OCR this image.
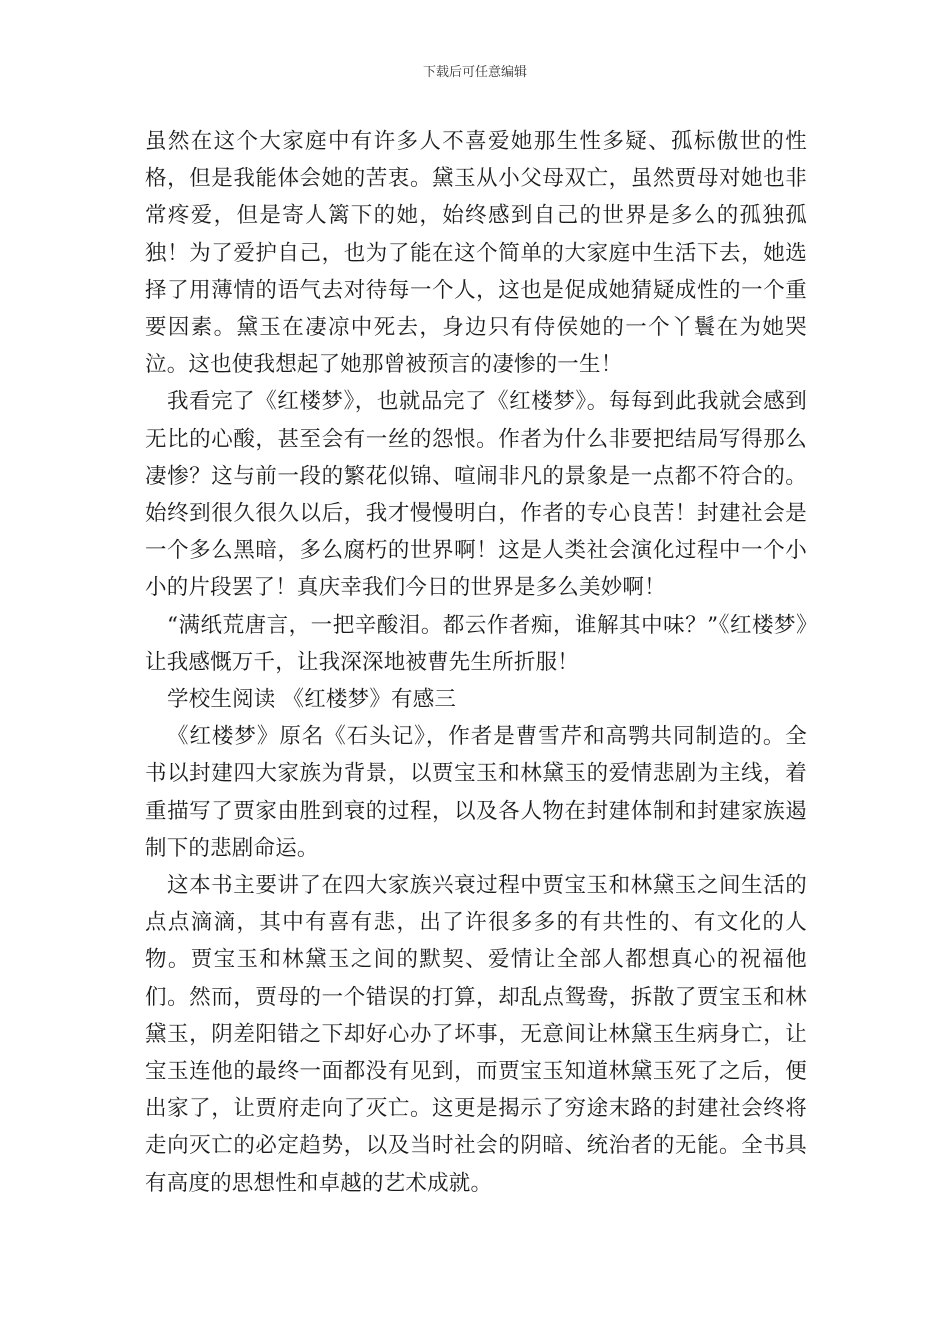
下载后可任意编辑

虽然在这个大家庭中有许多人不喜爱她那生性多疑、孤标傲世的性格，但是我能体会她的苦衷。黛玉从小父母双亡，虽然贾母对她也非常疼爱，但是寄人篱下的她，始终感到自己的世界是多么的孤独孤独！为了爱护自己，也为了能在这个简单的大家庭中生活下去，她选择了用薄情的语气去对待每一个人，这也是促成她猜疑成性的一个重要因素。黛玉在凄凉中死去，身边只有侍侯她的一个丫鬟在为她哭泣。这也使我想起了她那曾被预言的凄惨的一生！

我看完了《红楼梦》，也就品完了《红楼梦》。每每到此我就会感到无比的心酸，甚至会有一丝的怨恨。作者为什么非要把结局写得那么凄惨？这与前一段的繁花似锦、喧闹非凡的景象是一点都不符合的。始终到很久很久以后，我才慢慢明白，作者的专心良苦！封建社会是一个多么黑暗，多么腐朽的世界啊！这是人类社会演化过程中一个小小的片段罢了！真庆幸我们今日的世界是多么美妙啊！

“满纸荒唐言，一把辛酸泪。都云作者痴，谁解其中味？”《红楼梦》让我感慨万千，让我深深地被曹先生所折服！

学校生阅读 《红楼梦》有感三

《红楼梦》原名《石头记》，作者是曹雪芹和高鹗共同制造的。全书以封建四大家族为背景，以贾宝玉和林黛玉的爱情悲剧为主线，着重描写了贾家由胜到衰的过程，以及各人物在封建体制和封建家族遏制下的悲剧命运。

这本书主要讲了在四大家族兴衰过程中贾宝玉和林黛玉之间生活的点点滴滴，其中有喜有悲，出了许很多多的有共性的、有文化的人物。贾宝玉和林黛玉之间的默契、爱情让全部人都想真心的祝福他们。然而，贾母的一个错误的打算，却乱点鸳鸯，拆散了贾宝玉和林黛玉，阴差阳错之下却好心办了坏事，无意间让林黛玉生病身亡，让宝玉连他的最终一面都没有见到，而贾宝玉知道林黛玉死了之后，便出家了，让贾府走向了灭亡。这更是揭示了穷途末路的封建社会终将走向灭亡的必定趋势，以及当时社会的阴暗、统治者的无能。全书具有高度的思想性和卓越的艺术成就。
